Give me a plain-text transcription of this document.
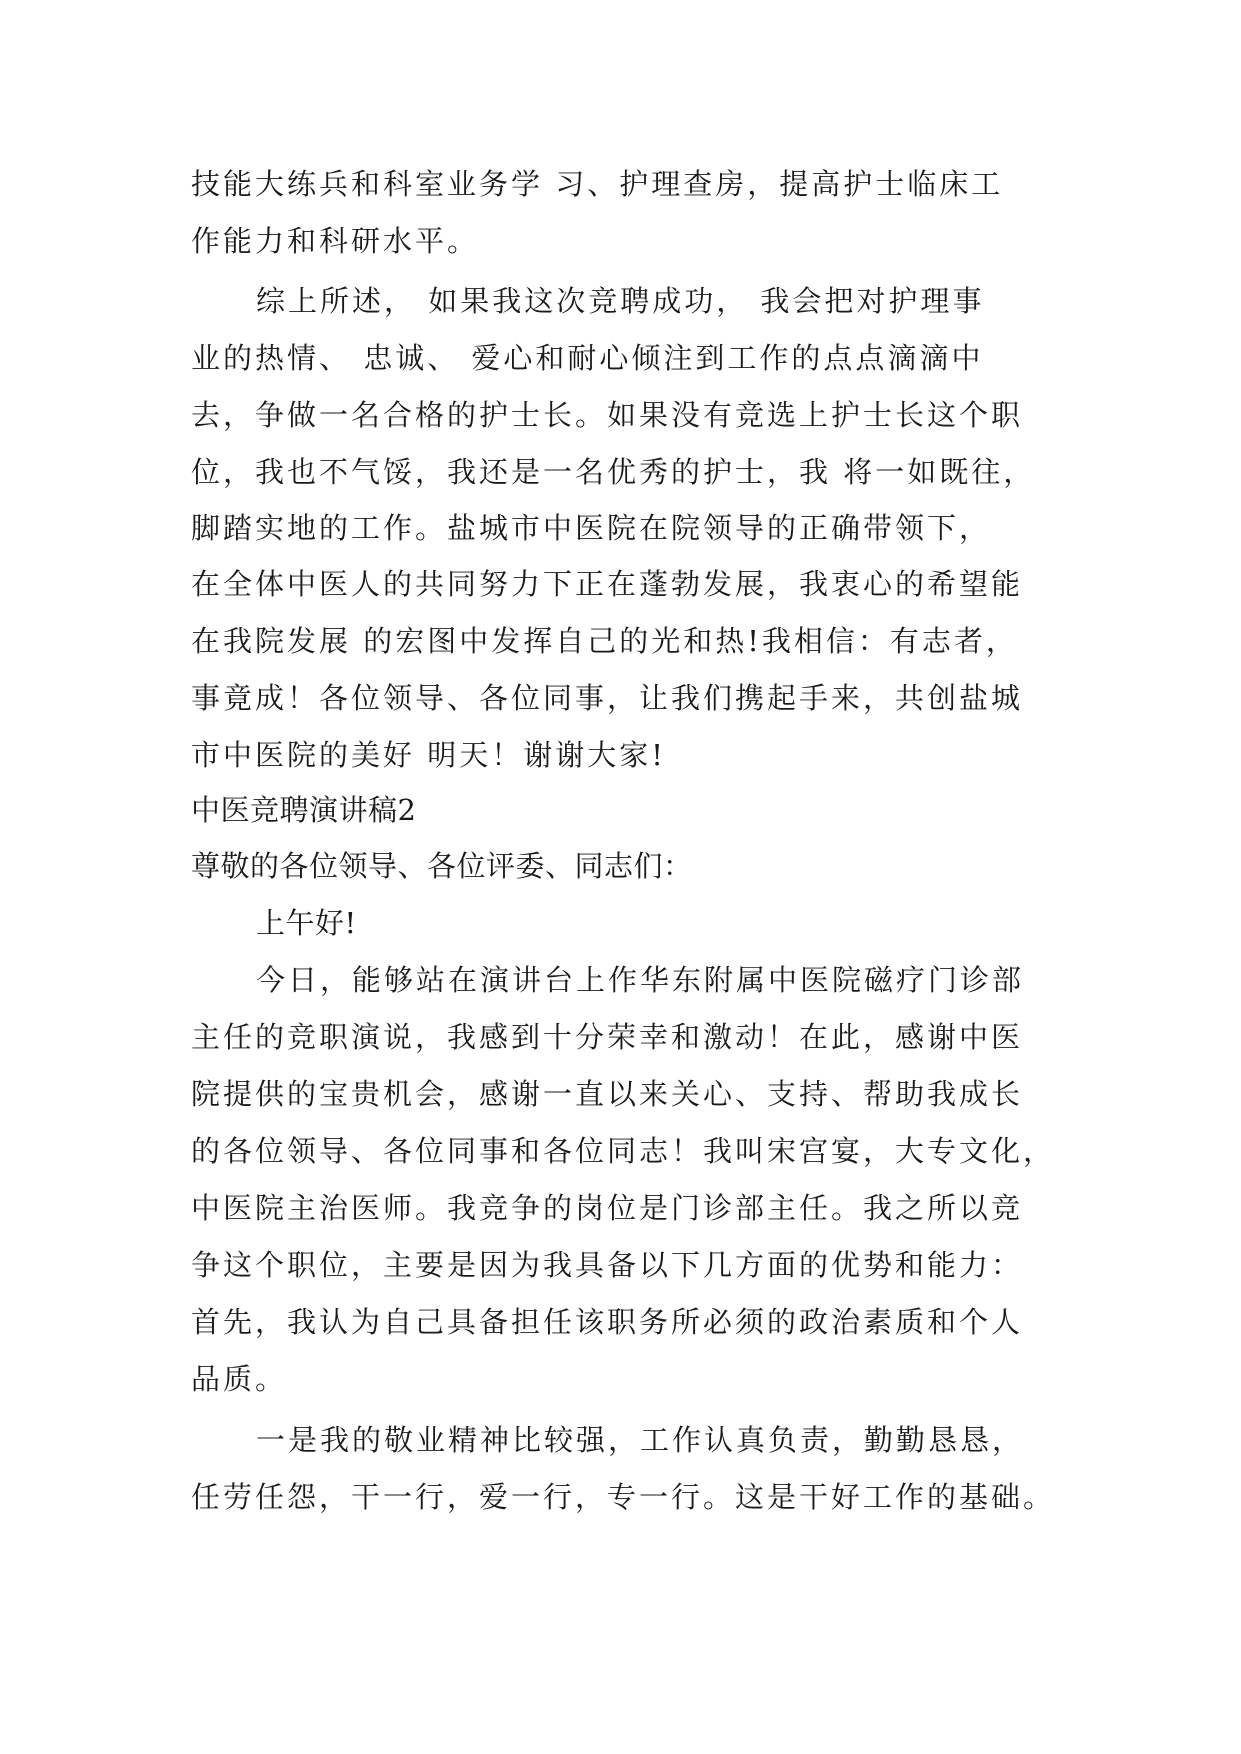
技能大练兵和科室业务学 习、护理查房，提高护士临床工
作能力和科研水平。
综上所述， 如果我这次竞聘成功， 我会把对护理事
业的热情、 忠诚、 爱心和耐心倾注到工作的点点滴滴中
去，争做一名合格的护士长。如果没有竞选上护士长这个职
位，我也不气馁，我还是一名优秀的护士，我 将一如既往，
脚踏实地的工作。盐城市中医院在院领导的正确带领下，
在全体中医人的共同努力下正在蓬勃发展，我衷心的希望能
在我院发展 的宏图中发挥自己的光和热!我相信：有志者，
事竟成！各位领导、各位同事，让我们携起手来，共创盐城
市中医院的美好 明天！谢谢大家!
中医竞聘演讲稿2
尊敬的各位领导、各位评委、同志们：
上午好!
今日，能够站在演讲台上作华东附属中医院磁疗门诊部
主任的竞职演说，我感到十分荣幸和激动！在此，感谢中医
院提供的宝贵机会，感谢一直以来关心、支持、帮助我成长
的各位领导、各位同事和各位同志！我叫宋宫宴，大专文化，
中医院主治医师。我竞争的岗位是门诊部主任。我之所以竞
争这个职位，主要是因为我具备以下几方面的优势和能力：
首先，我认为自己具备担任该职务所必须的政治素质和个人
品质。
一是我的敬业精神比较强，工作认真负责，勤勤恳恳，
任劳任怨，干一行，爱一行，专一行。这是干好工作的基础。
